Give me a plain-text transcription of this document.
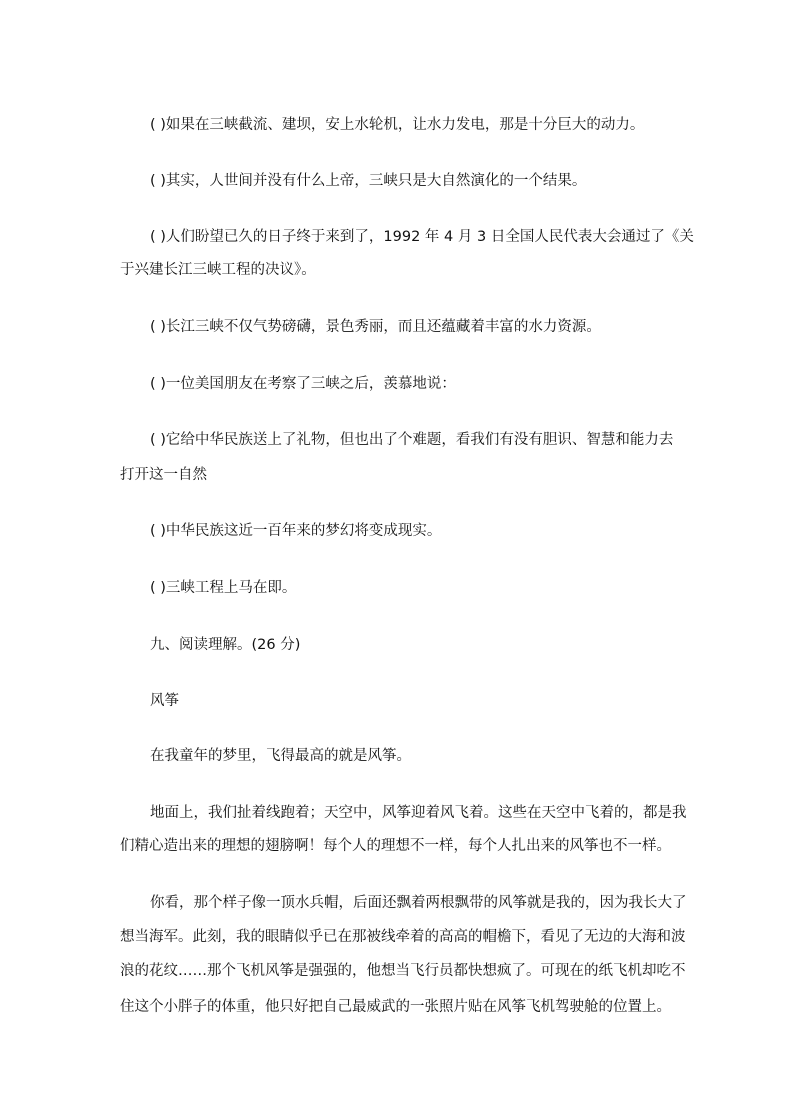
( )如果在三峡截流、建坝，安上水轮机，让水力发电，那是十分巨大的动力。
( )其实，人世间并没有什么上帝，三峡只是大自然演化的一个结果。
( )人们盼望已久的日子终于来到了，1992 年 4 月 3 日全国人民代表大会通过了《关
于兴建长江三峡工程的决议》。
( )长江三峡不仅气势磅礴，景色秀丽，而且还蕴藏着丰富的水力资源。
( )一位美国朋友在考察了三峡之后，羡慕地说：
( )它给中华民族送上了礼物，但也出了个难题，看我们有没有胆识、智慧和能力去
打开这一自然
( )中华民族这近一百年来的梦幻将变成现实。
( )三峡工程上马在即。
九、阅读理解。(26 分)
风筝
在我童年的梦里，飞得最高的就是风筝。
地面上，我们扯着线跑着；天空中，风筝迎着风飞着。这些在天空中飞着的，都是我
们精心造出来的理想的翅膀啊！每个人的理想不一样，每个人扎出来的风筝也不一样。
你看，那个样子像一顶水兵帽，后面还飘着两根飘带的风筝就是我的，因为我长大了
想当海军。此刻，我的眼睛似乎已在那被线牵着的高高的帽檐下，看见了无边的大海和波
浪的花纹……那个飞机风筝是强强的，他想当飞行员都快想疯了。可现在的纸飞机却吃不
住这个小胖子的体重，他只好把自己最威武的一张照片贴在风筝飞机驾驶舱的位置上。
